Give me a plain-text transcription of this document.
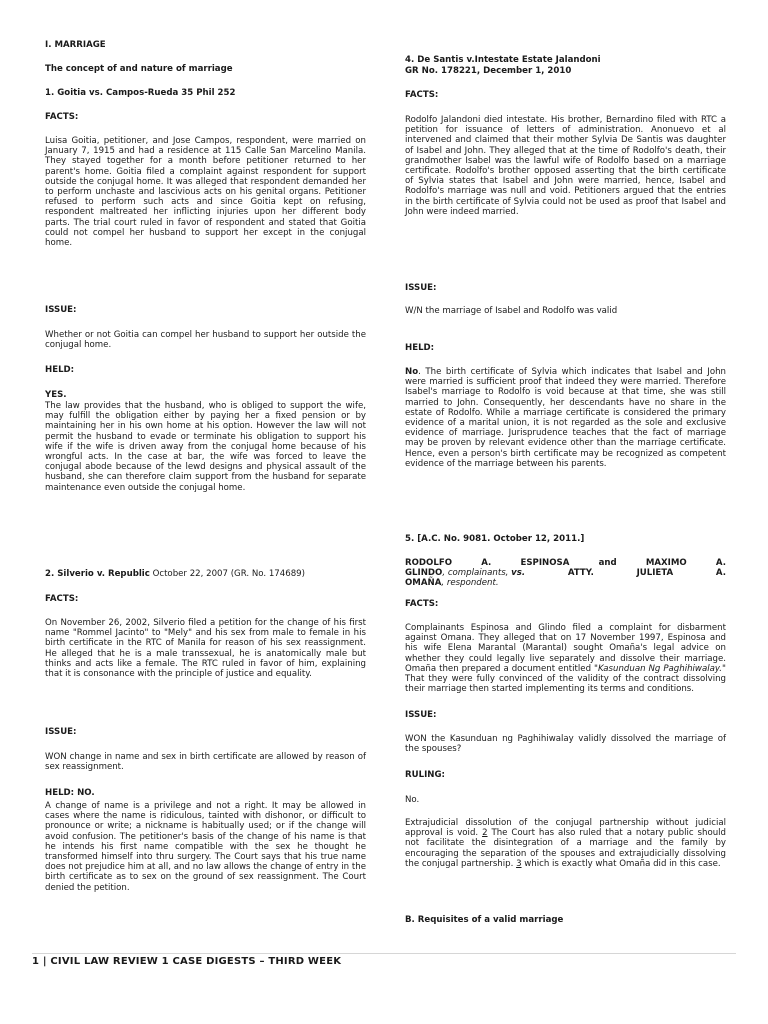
I. MARRIAGE

The concept of and nature of marriage

1. Goitia vs. Campos-Rueda 35 Phil 252

FACTS:

Luisa Goitia, petitioner, and Jose Campos, respondent, were married on January 7, 1915 and had a residence at 115 Calle San Marcelino Manila. They stayed together for a month before petitioner returned to her parent's home. Goitia filed a complaint against respondent for support outside the conjugal home. It was alleged that respondent demanded her to perform unchaste and lascivious acts on his genital organs. Petitioner refused to perform such acts and since Goitia kept on refusing, respondent maltreated her inflicting injuries upon her different body parts. The trial court ruled in favor of respondent and stated that Goitia could not compel her husband to support her except in the conjugal home.

ISSUE:

Whether or not Goitia can compel her husband to support her outside the conjugal home.

HELD:

YES.

The law provides that the husband, who is obliged to support the wife, may fulfill the obligation either by paying her a fixed pension or by maintaining her in his own home at his option. However the law will not permit the husband to evade or terminate his obligation to support his wife if the wife is driven away from the conjugal home because of his wrongful acts. In the case at bar, the wife was forced to leave the conjugal abode because of the lewd designs and physical assault of the husband, she can therefore claim support from the husband for separate maintenance even outside the conjugal home.

2. Silverio v. Republic October 22, 2007 (GR. No. 174689)

FACTS:

On November 26, 2002, Silverio filed a petition for the change of his first name "Rommel Jacinto" to "Mely" and his sex from male to female in his birth certificate in the RTC of Manila for reason of his sex reassignment. He alleged that he is a male transsexual, he is anatomically male but thinks and acts like a female. The RTC ruled in favor of him, explaining that it is consonance with the principle of justice and equality.

ISSUE:

WON change in name and sex in birth certificate are allowed by reason of sex reassignment.

HELD: NO.

A change of name is a privilege and not a right. It may be allowed in cases where the name is ridiculous, tainted with dishonor, or difficult to pronounce or write; a nickname is habitually used; or if the change will avoid confusion. The petitioner's basis of the change of his name is that he intends his first name compatible with the sex he thought he transformed himself into thru surgery. The Court says that his true name does not prejudice him at all, and no law allows the change of entry in the birth certificate as to sex on the ground of sex reassignment. The Court denied the petition.

4. De Santis v.Intestate Estate Jalandoni

GR No. 178221, December 1, 2010

FACTS:

Rodolfo Jalandoni died intestate. His brother, Bernardino filed with RTC a petition for issuance of letters of administration. Anonuevo et al intervened and claimed that their mother Sylvia De Santis was daughter of Isabel and John. They alleged that at the time of Rodolfo's death, their grandmother Isabel was the lawful wife of Rodolfo based on a marriage certificate. Rodolfo's brother opposed asserting that the birth certificate of Sylvia states that Isabel and John were married, hence, Isabel and Rodolfo's marriage was null and void. Petitioners argued that the entries in the birth certificate of Sylvia could not be used as proof that Isabel and John were indeed married.

ISSUE:

W/N the marriage of Isabel and Rodolfo was valid

HELD:

No. The birth certificate of Sylvia which indicates that Isabel and John were married is sufficient proof that indeed they were married. Therefore Isabel's marriage to Rodolfo is void because at that time, she was still married to John. Consequently, her descendants have no share in the estate of Rodolfo. While a marriage certificate is considered the primary evidence of a marital union, it is not regarded as the sole and exclusive evidence of marriage. Jurisprudence teaches that the fact of marriage may be proven by relevant evidence other than the marriage certificate. Hence, even a person's birth certificate may be recognized as competent evidence of the marriage between his parents.

5. [A.C. No. 9081. October 12, 2011.]

RODOLFO	A.	ESPINOSA	and	MAXIMO	A.
GLINDO, complainants, vs.	ATTY.	JULIETA	A.
OMAÑA, respondent.

FACTS:

Complainants Espinosa and Glindo filed a complaint for disbarment against Omana. They alleged that on 17 November 1997, Espinosa and his wife Elena Marantal (Marantal) sought Omaña's legal advice on whether they could legally live separately and dissolve their marriage. Omaña then prepared a document entitled "Kasunduan Ng Paghihiwalay." That they were fully convinced of the validity of the contract dissolving their marriage then started implementing its terms and conditions.

ISSUE:

WON the Kasunduan ng Paghihiwalay validly dissolved the marriage of the spouses?

RULING:

No.

Extrajudicial dissolution of the conjugal partnership without judicial approval is void. 2 The Court has also ruled that a notary public should not facilitate the disintegration of a marriage and the family by encouraging the separation of the spouses and extrajudicially dissolving the conjugal partnership. 3 which is exactly what Omaña did in this case.

B. Requisites of a valid marriage

1 | CIVIL LAW REVIEW 1 CASE DIGESTS – THIRD WEEK
